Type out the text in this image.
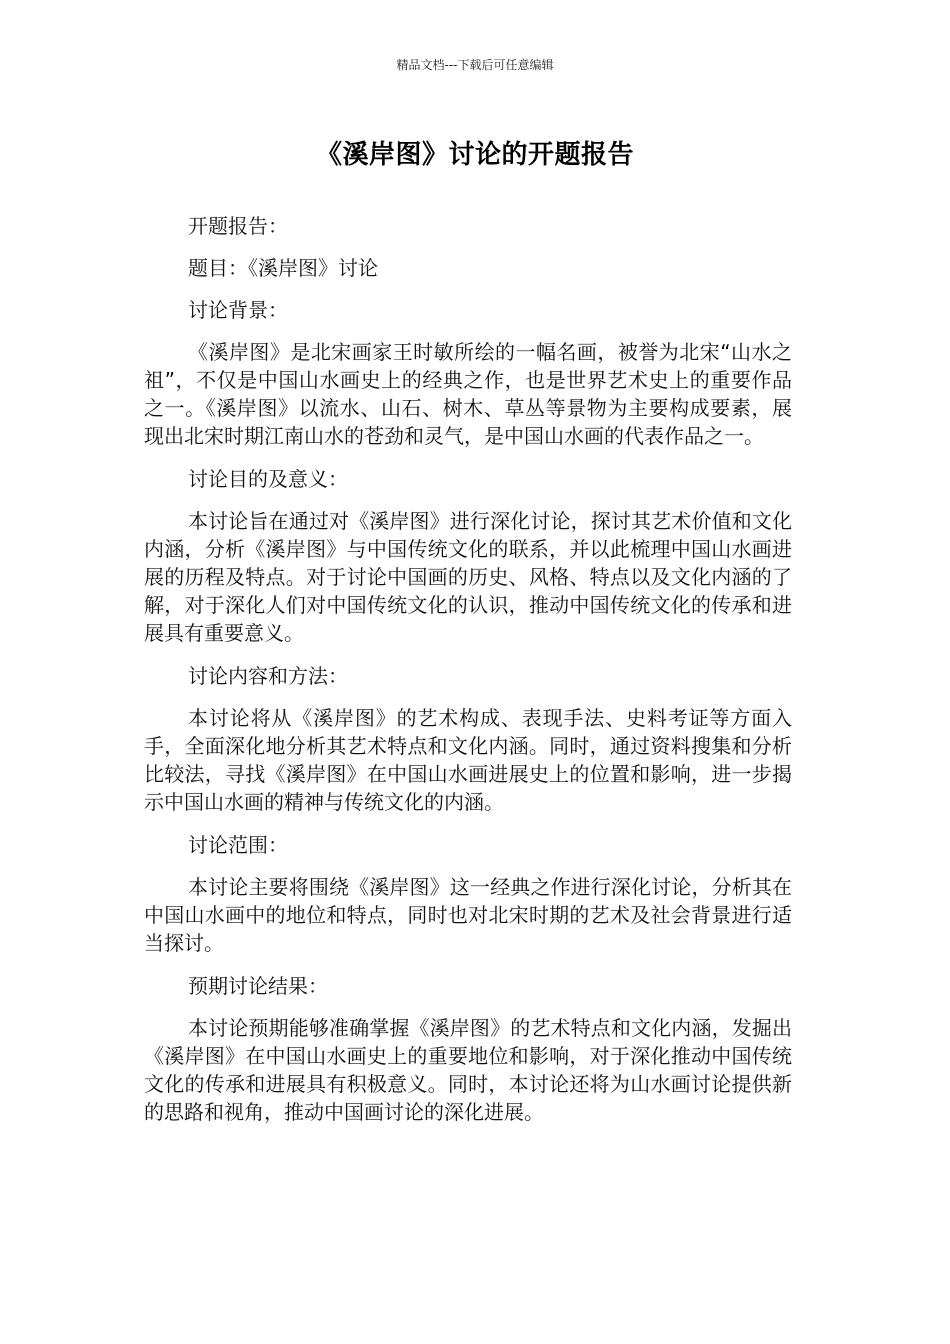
精品文档---下载后可任意编辑
《溪岸图》讨论的开题报告

开题报告：

题目：《溪岸图》讨论

讨论背景：

《溪岸图》是北宋画家王时敏所绘的一幅名画，被誉为北宋“山水之祖”，不仅是中国山水画史上的经典之作，也是世界艺术史上的重要作品之一。《溪岸图》以流水、山石、树木、草丛等景物为主要构成要素，展现出北宋时期江南山水的苍劲和灵气，是中国山水画的代表作品之一。

讨论目的及意义：

本讨论旨在通过对《溪岸图》进行深化讨论，探讨其艺术价值和文化内涵，分析《溪岸图》与中国传统文化的联系，并以此梳理中国山水画进展的历程及特点。对于讨论中国画的历史、风格、特点以及文化内涵的了解，对于深化人们对中国传统文化的认识，推动中国传统文化的传承和进展具有重要意义。

讨论内容和方法：

本讨论将从《溪岸图》的艺术构成、表现手法、史料考证等方面入手，全面深化地分析其艺术特点和文化内涵。同时，通过资料搜集和分析比较法，寻找《溪岸图》在中国山水画进展史上的位置和影响，进一步揭示中国山水画的精神与传统文化的内涵。

讨论范围：

本讨论主要将围绕《溪岸图》这一经典之作进行深化讨论，分析其在中国山水画中的地位和特点，同时也对北宋时期的艺术及社会背景进行适当探讨。

预期讨论结果：

本讨论预期能够准确掌握《溪岸图》的艺术特点和文化内涵，发掘出《溪岸图》在中国山水画史上的重要地位和影响，对于深化推动中国传统文化的传承和进展具有积极意义。同时，本讨论还将为山水画讨论提供新的思路和视角，推动中国画讨论的深化进展。
